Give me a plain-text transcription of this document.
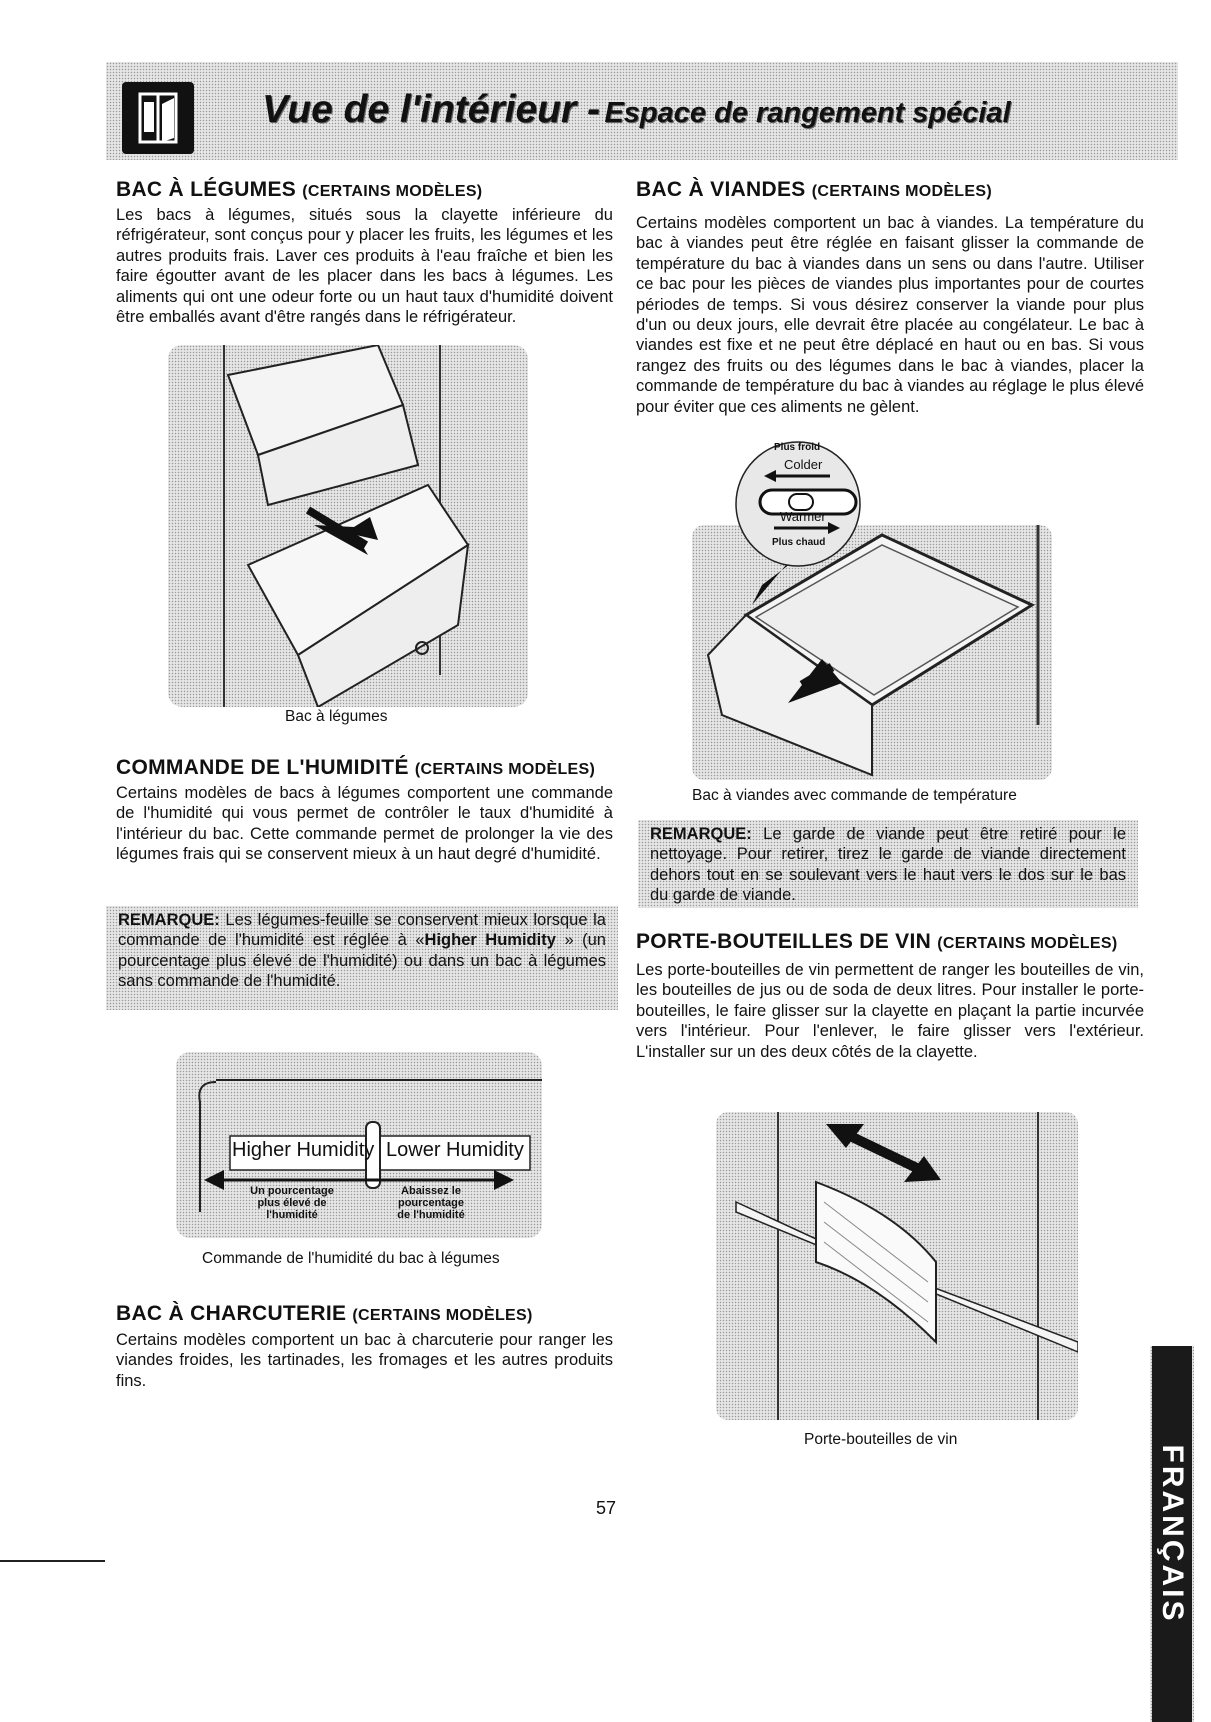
Vue de l'intérieur - Espace de rangement spécial
BAC À LÉGUMES (CERTAINS MODÈLES)
Les bacs à légumes, situés sous la clayette inférieure du réfrigérateur, sont conçus pour y placer les fruits, les légumes et les autres produits frais. Laver ces produits à l'eau fraîche et bien les faire égoutter avant de les placer dans les bacs à légumes. Les aliments qui ont une odeur forte ou un haut taux d'humidité doivent être emballés avant d'être rangés dans le réfrigérateur.
Bac à légumes
COMMANDE DE L'HUMIDITÉ (CERTAINS MODÈLES)
Certains modèles de bacs à légumes comportent une commande de l'humidité qui vous permet de contrôler le taux d'humidité à l'intérieur du bac. Cette commande permet de prolonger la vie des légumes frais qui se conservent mieux à un haut degré d'humidité.
REMARQUE: Les légumes-feuille se conservent mieux lorsque la commande de l'humidité est réglée à «Higher Humidity » (un pourcentage plus élevé de l'humidité) ou dans un bac à légumes sans commande de l'humidité.
Higher Humidity Lower Humidity
Un pourcentage
plus élevé de
l'humidité
Abaissez le
pourcentage
de l'humidité
Commande de l'humidité du bac à légumes
BAC À CHARCUTERIE (CERTAINS MODÈLES)
Certains modèles comportent un bac à charcuterie pour ranger les viandes froides, les tartinades, les fromages et les autres produits fins.
BAC À VIANDES (CERTAINS MODÈLES)
Certains modèles comportent un bac à viandes. La température du bac à viandes peut être réglée en faisant glisser la commande de température du bac à viandes dans un sens ou dans l'autre. Utiliser ce bac pour les pièces de viandes plus importantes pour de courtes périodes de temps. Si vous désirez conserver la viande pour plus d'un ou deux jours, elle devrait être placée au congélateur. Le bac à viandes est fixe et ne peut être déplacé en haut ou en bas. Si vous rangez des fruits ou des légumes dans le bac à viandes, placer la commande de température du bac à viandes au réglage le plus élevé pour éviter que ces aliments ne gèlent.
Plus froid
Colder
Warmer
Plus chaud
Bac à viandes avec commande de température
REMARQUE: Le garde de viande peut être retiré pour le nettoyage. Pour retirer, tirez le garde de viande directement dehors tout en se soulevant vers le haut vers le dos sur le bas du garde de viande.
PORTE-BOUTEILLES DE VIN (CERTAINS MODÈLES)
Les porte-bouteilles de vin permettent de ranger les bouteilles de vin, les bouteilles de jus ou de soda de deux litres. Pour installer le porte-bouteilles, le faire glisser sur la clayette en plaçant la partie incurvée vers l'intérieur. Pour l'enlever, le faire glisser vers l'extérieur. L'installer sur un des deux côtés de la clayette.
Porte-bouteilles de vin
FRANÇAIS
57
